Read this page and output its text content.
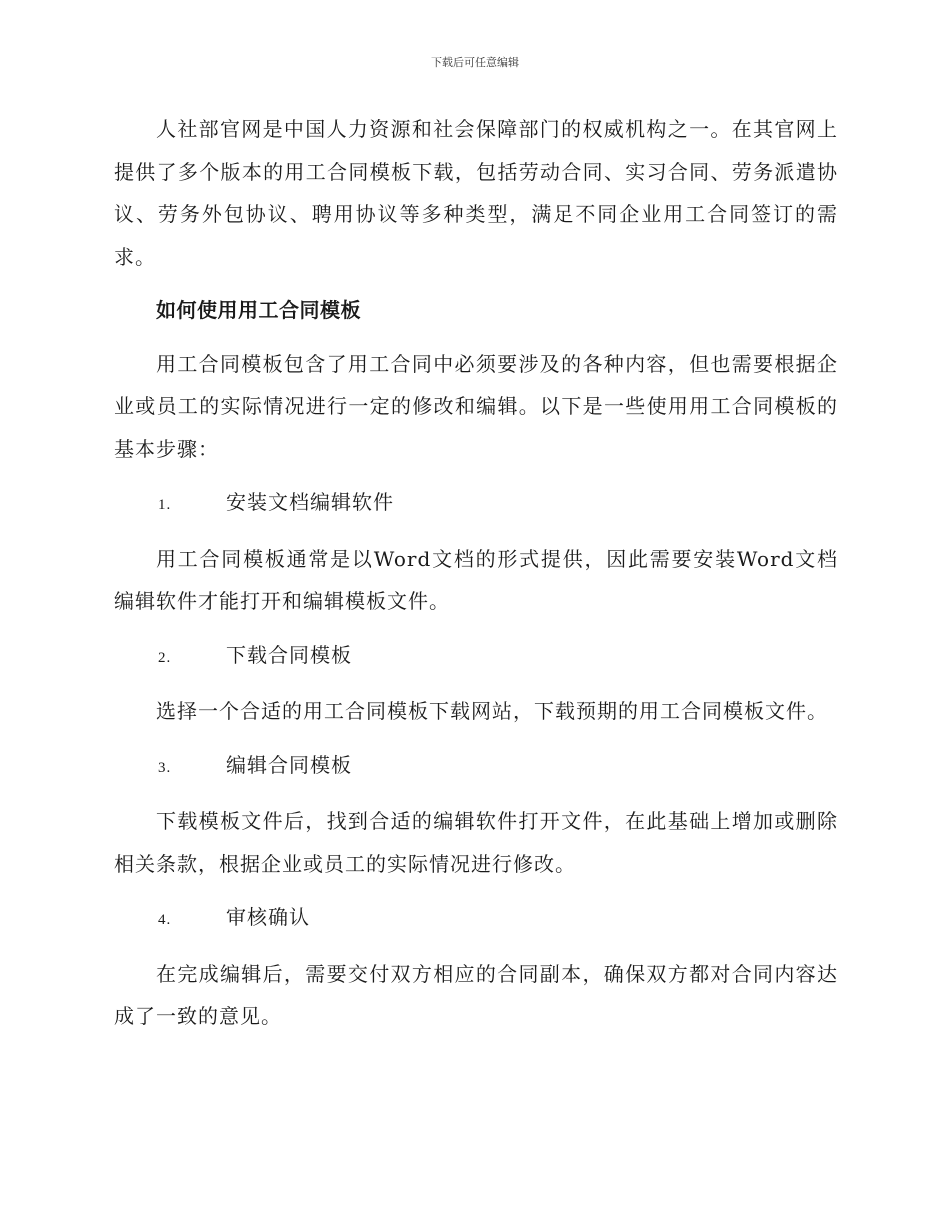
下载后可任意编辑

人社部官网是中国人力资源和社会保障部门的权威机构之一。在其官网上提供了多个版本的用工合同模板下载，包括劳动合同、实习合同、劳务派遣协议、劳务外包协议、聘用协议等多种类型，满足不同企业用工合同签订的需求。

如何使用用工合同模板

用工合同模板包含了用工合同中必须要涉及的各种内容，但也需要根据企业或员工的实际情况进行一定的修改和编辑。以下是一些使用用工合同模板的基本步骤：

1.	安装文档编辑软件

用工合同模板通常是以Word文档的形式提供，因此需要安装Word文档编辑软件才能打开和编辑模板文件。

2.	下载合同模板

选择一个合适的用工合同模板下载网站，下载预期的用工合同模板文件。

3.	编辑合同模板

下载模板文件后，找到合适的编辑软件打开文件，在此基础上增加或删除相关条款，根据企业或员工的实际情况进行修改。

4.	审核确认

在完成编辑后，需要交付双方相应的合同副本，确保双方都对合同内容达成了一致的意见。
